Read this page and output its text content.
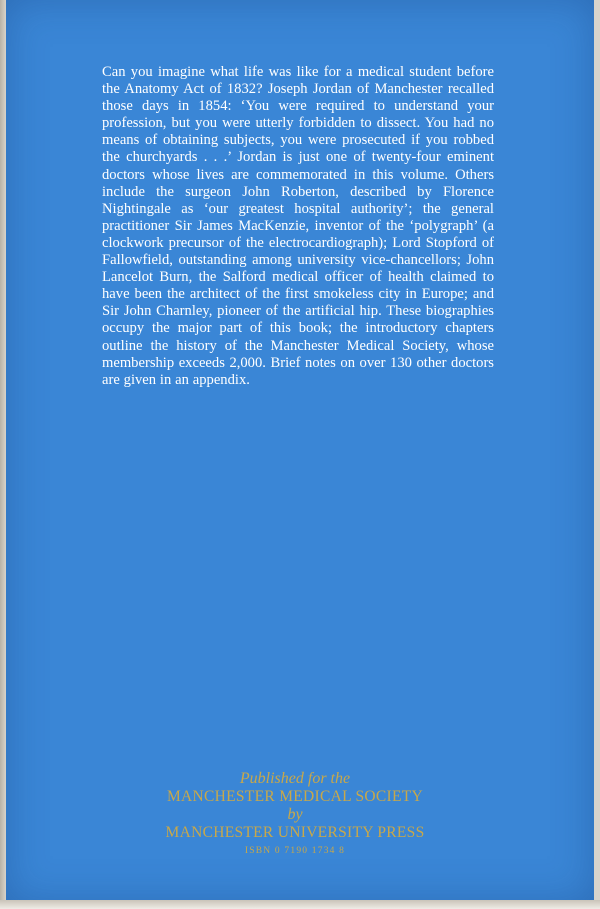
Can you imagine what life was like for a medical student before the Anatomy Act of 1832? Joseph Jordan of Manchester recalled those days in 1854: ‘You were required to understand your profession, but you were utterly forbidden to dissect. You had no means of obtaining subjects, you were prosecuted if you robbed the churchyards . . .’ Jordan is just one of twenty-four eminent doctors whose lives are commemorated in this volume. Others include the surgeon John Roberton, described by Florence Nightingale as ‘our greatest hospital authority’; the general practitioner Sir James MacKenzie, inventor of the ‘polygraph’ (a clockwork precursor of the electrocardiograph); Lord Stopford of Fallowfield, outstanding among university vice-chancellors; John Lancelot Burn, the Salford medical officer of health claimed to have been the architect of the first smokeless city in Europe; and Sir John Charnley, pioneer of the artificial hip. These biographies occupy the major part of this book; the introductory chapters outline the history of the Manchester Medical Society, whose membership exceeds 2,000. Brief notes on over 130 other doctors are given in an appendix.

Published for the
MANCHESTER MEDICAL SOCIETY
by
MANCHESTER UNIVERSITY PRESS
ISBN 0 7190 1734 8
